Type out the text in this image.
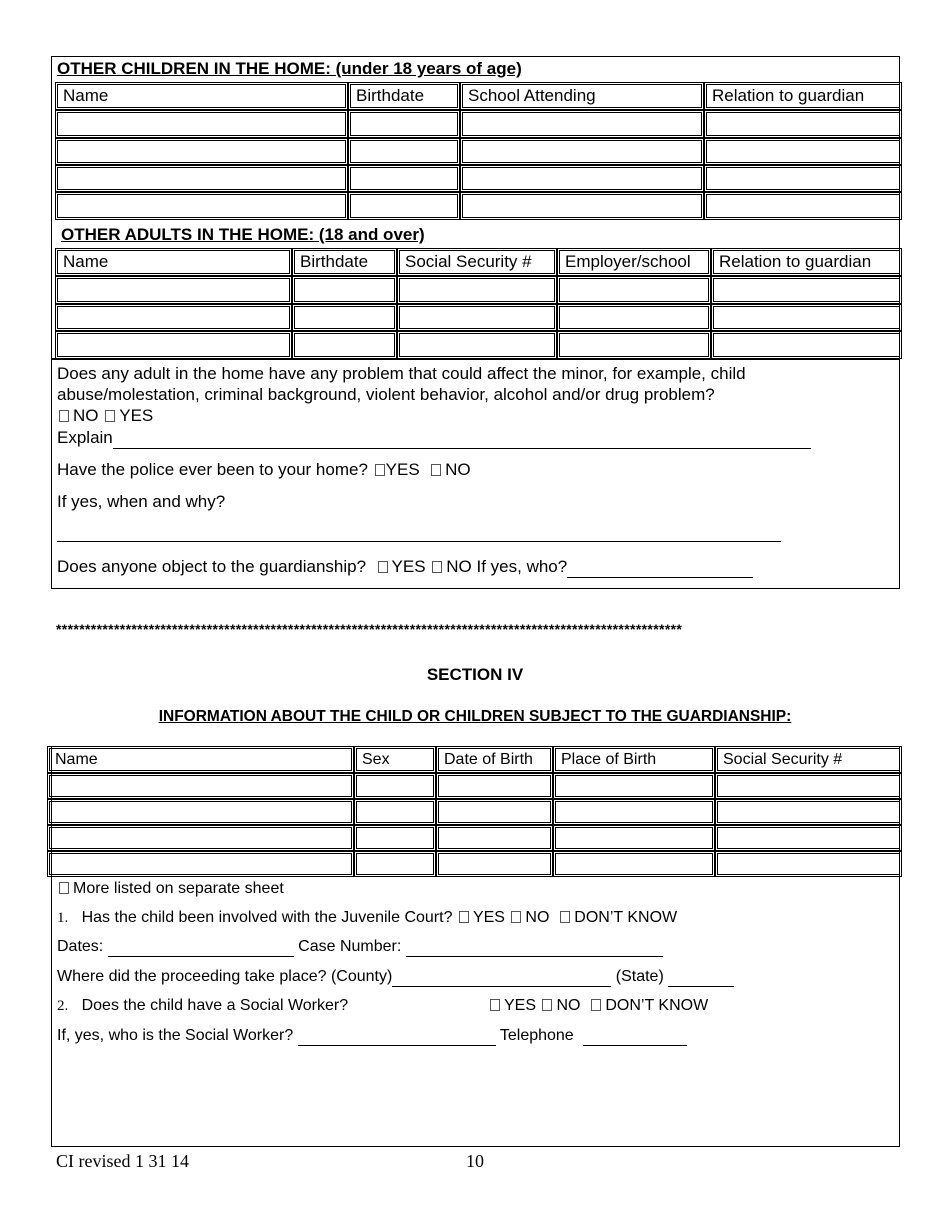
OTHER CHILDREN IN THE HOME: (under 18 years of age)
Name	Birthdate	School Attending	Relation to guardian

OTHER ADULTS IN THE HOME: (18 and over)
Name	Birthdate	Social Security #	Employer/school	Relation to guardian

Does any adult in the home have any problem that could affect the minor, for example, child
abuse/molestation, criminal background, violent behavior, alcohol and/or drug problem?
NO YES
Explain
Have the police ever been to your home? YES NO
If yes, when and why?
Does anyone object to the guardianship? YES NO If yes, who?
************************************************************************************************************
SECTION IV
INFORMATION ABOUT THE CHILD OR CHILDREN SUBJECT TO THE GUARDIANSHIP:
Name	Sex	Date of Birth	Place of Birth	Social Security #

More listed on separate sheet
1. Has the child been involved with the Juvenile Court? YES NO DON’T KNOW
Dates:	Case Number:
Where did the proceeding take place? (County)	(State)
2. Does the child have a Social Worker?	YES NO DON’T KNOW
If, yes, who is the Social Worker?	Telephone
CI revised 1 31 14	10
